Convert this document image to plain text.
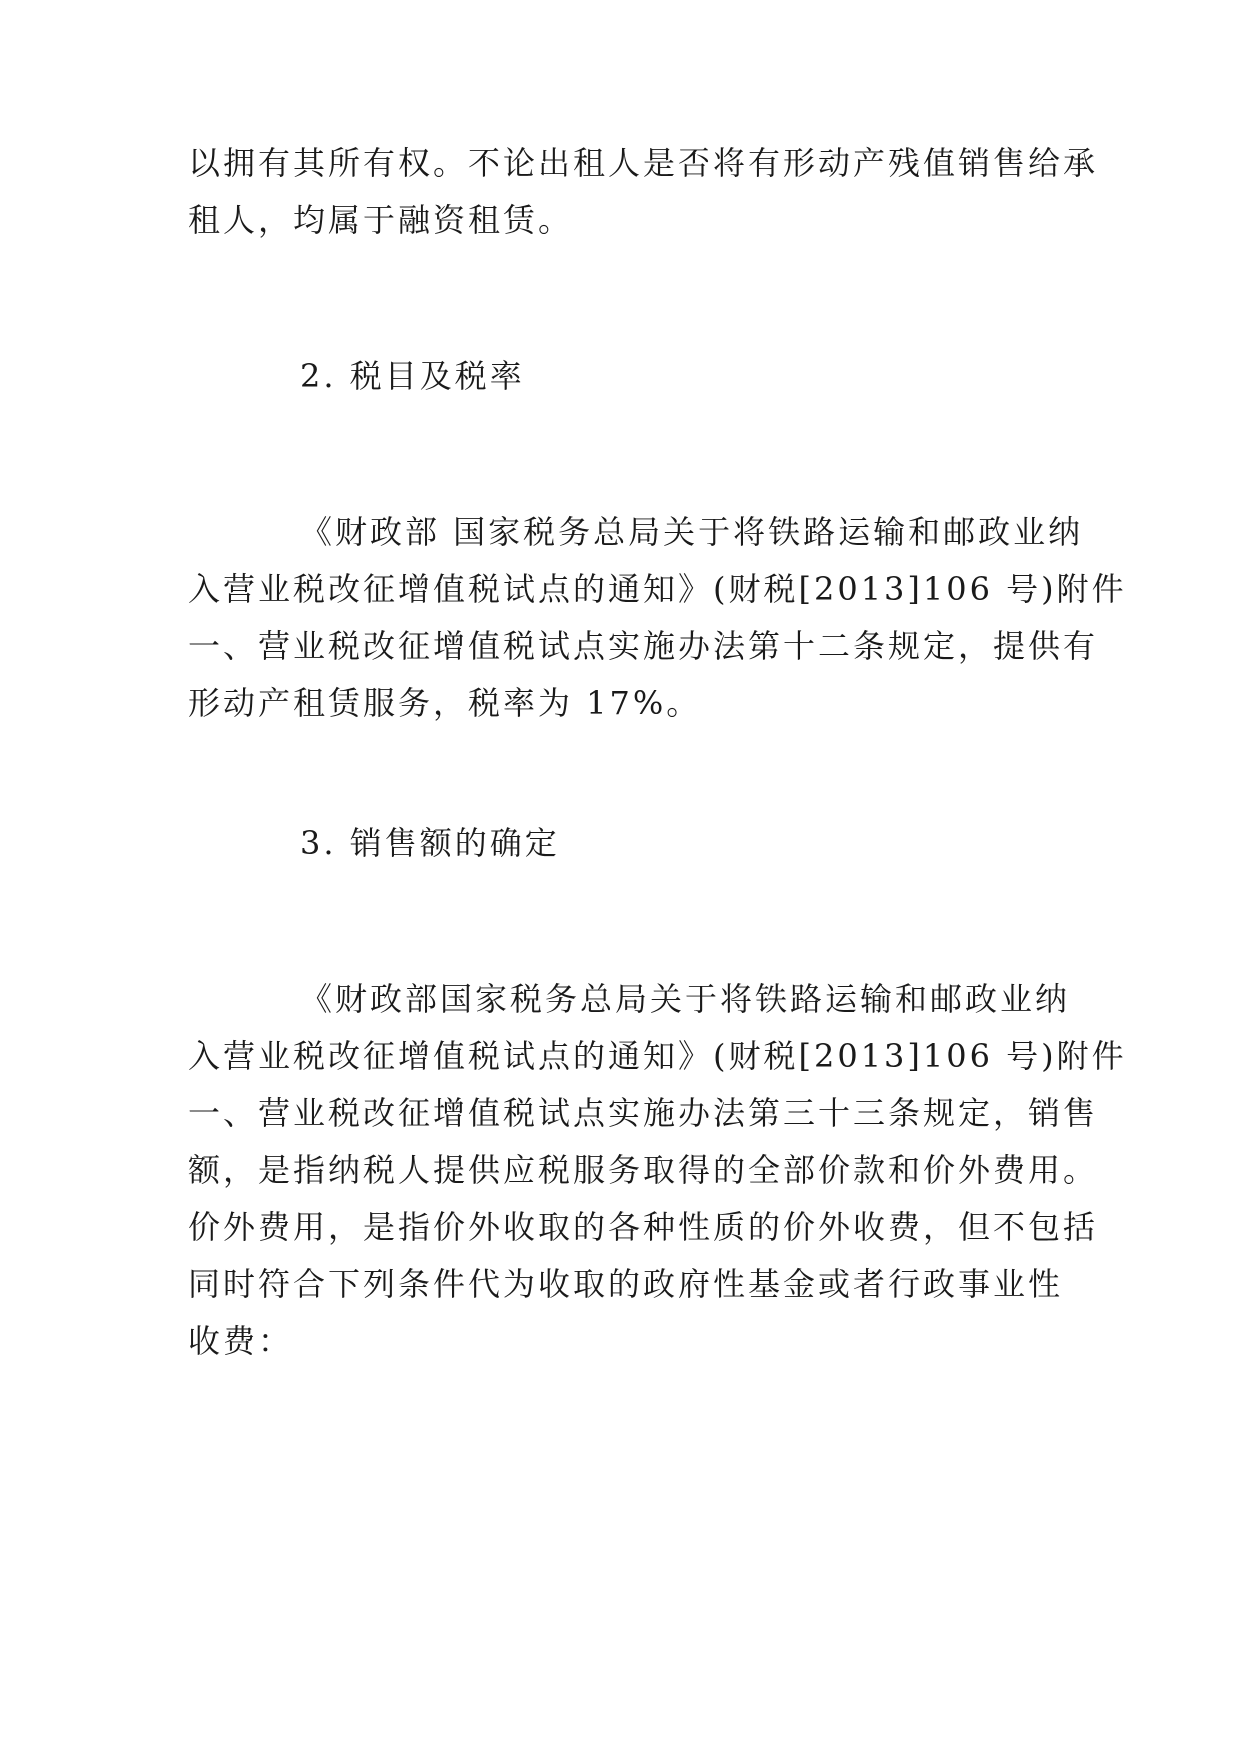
以拥有其所有权。不论出租人是否将有形动产残值销售给承
租人，均属于融资租赁。
2. 税目及税率
《财政部 国家税务总局关于将铁路运输和邮政业纳
入营业税改征增值税试点的通知》(财税[2013]106 号)附件
一、营业税改征增值税试点实施办法第十二条规定，提供有
形动产租赁服务，税率为 17%。
3. 销售额的确定
《财政部国家税务总局关于将铁路运输和邮政业纳
入营业税改征增值税试点的通知》(财税[2013]106 号)附件
一、营业税改征增值税试点实施办法第三十三条规定，销售
额，是指纳税人提供应税服务取得的全部价款和价外费用。
价外费用，是指价外收取的各种性质的价外收费，但不包括
同时符合下列条件代为收取的政府性基金或者行政事业性
收费：
